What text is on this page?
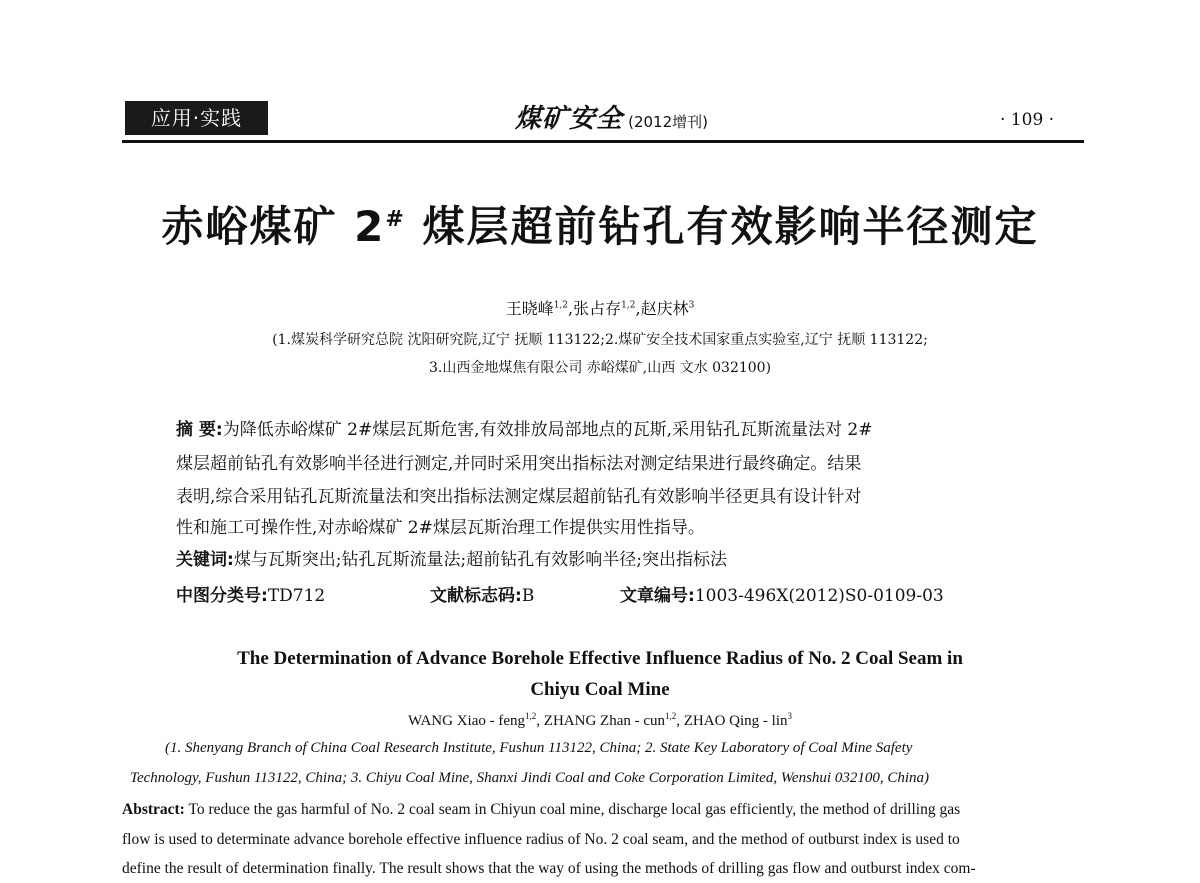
应用·实践	煤矿安全 (2012增刊)	· 109 ·
赤峪煤矿 2# 煤层超前钻孔有效影响半径测定
王晓峰$^{1,2}$,张占存$^{1,2}$,赵庆林$^3$
(1.煤炭科学研究总院 沈阳研究院,辽宁 抚顺 113122;2.煤矿安全技术国家重点实验室,辽宁 抚顺 113122;
3.山西金地煤焦有限公司 赤峪煤矿,山西 文水 032100)
摘 要:为降低赤峪煤矿 2#煤层瓦斯危害,有效排放局部地点的瓦斯,采用钻孔瓦斯流量法对 2#
煤层超前钻孔有效影响半径进行测定,并同时采用突出指标法对测定结果进行最终确定。结果
表明,综合采用钻孔瓦斯流量法和突出指标法测定煤层超前钻孔有效影响半径更具有设计针对
性和施工可操作性,对赤峪煤矿 2#煤层瓦斯治理工作提供实用性指导。
关键词:煤与瓦斯突出;钻孔瓦斯流量法;超前钻孔有效影响半径;突出指标法
中图分类号:TD712	文献标志码:B	文章编号:1003-496X(2012)S0-0109-03
The Determination of Advance Borehole Effective Influence Radius of No. 2 Coal Seam in
Chiyu Coal Mine
WANG Xiao - feng$^{1,2}$, ZHANG Zhan - cun$^{1,2}$, ZHAO Qing - lin$^3$
(1. Shenyang Branch of China Coal Research Institute, Fushun 113122, China; 2. State Key Laboratory of Coal Mine Safety
Technology, Fushun 113122, China; 3. Chiyu Coal Mine, Shanxi Jindi Coal and Coke Corporation Limited, Wenshui 032100, China)
Abstract: To reduce the gas harmful of No. 2 coal seam in Chiyun coal mine, discharge local gas efficiently, the method of drilling gas
flow is used to determinate advance borehole effective influence radius of No. 2 coal seam, and the method of outburst index is used to
define the result of determination finally. The result shows that the way of using the methods of drilling gas flow and outburst index com-
